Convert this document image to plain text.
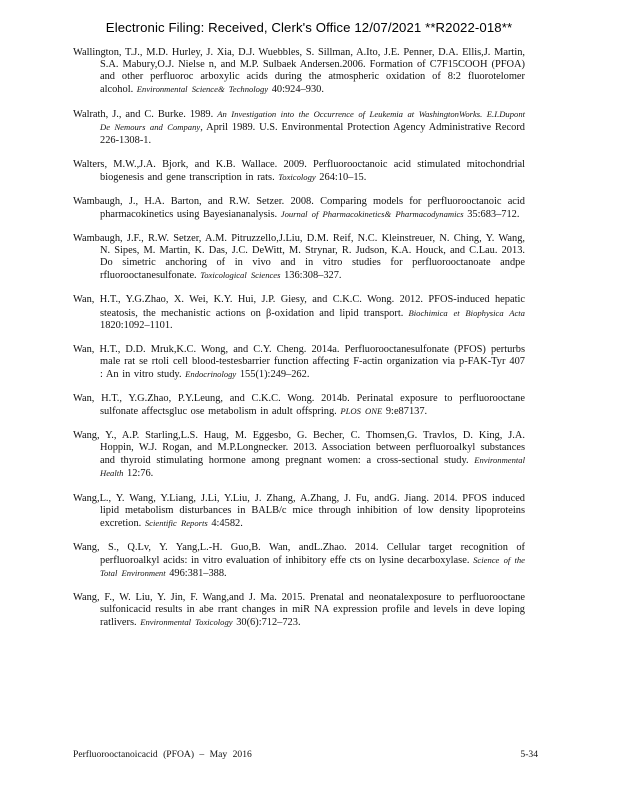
Electronic Filing: Received, Clerk's Office 12/07/2021 **R2022-018**
Wallington, T.J., M.D. Hurley, J. Xia, D.J. Wuebbles, S. Sillman, A.Ito, J.E. Penner, D.A. Ellis,J. Martin, S.A. Mabury,O.J. Nielse n, and M.P. Sulbaek Andersen.2006. Formation of C7F15COOH (PFOA) and other perfluoroc arboxylic acids during the atmospheric oxidation of 8:2 fluorotelomer alcohol. Environmental Science& Technology 40:924–930.
Walrath, J., and C. Burke. 1989. An Investigation into the Occurrence of Leukemia at WashingtonWorks. E.I.Dupont De Nemours and Company, April 1989. U.S. Environmental Protection Agency Administrative Record 226-1308-1.
Walters, M.W.,J.A. Bjork, and K.B. Wallace. 2009. Perfluorooctanoic acid stimulated mitochondrial biogenesis and gene transcription in rats. Toxicology 264:10–15.
Wambaugh, J., H.A. Barton, and R.W. Setzer. 2008. Comparing models for perfluorooctanoic acid pharmacokinetics using Bayesiananalysis. Journal of Pharmacokinetics& Pharmacodynamics 35:683–712.
Wambaugh, J.F., R.W. Setzer, A.M. Pitruzzello,J.Liu, D.M. Reif, N.C. Kleinstreuer, N. Ching, Y. Wang, N. Sipes, M. Martin, K. Das, J.C. DeWitt, M. Strynar, R. Judson, K.A. Houck, and C.Lau. 2013. Do simetric anchoring of in vivo and in vitro studies for perfluorooctanoate andpe rfluorooctanesulfonate. Toxicological Sciences 136:308–327.
Wan, H.T., Y.G.Zhao, X. Wei, K.Y. Hui, J.P. Giesy, and C.K.C. Wong. 2012. PFOS-induced hepatic steatosis, the mechanistic actions on β-oxidation and lipid transport. Biochimica et Biophysica Acta 1820:1092–1101.
Wan, H.T., D.D. Mruk,K.C. Wong, and C.Y. Cheng. 2014a. Perfluorooctanesulfonate (PFOS) perturbs male rat se rtoli cell blood-testesbarrier function affecting F-actin organization via p-FAK-Tyr 407 : An in vitro study. Endocrinology 155(1):249–262.
Wan, H.T., Y.G.Zhao, P.Y.Leung, and C.K.C. Wong. 2014b. Perinatal exposure to perfluorooctane sulfonate affectsgluc ose metabolism in adult offspring. PLOS ONE 9:e87137.
Wang, Y., A.P. Starling,L.S. Haug, M. Eggesbo, G. Becher, C. Thomsen,G. Travlos, D. King, J.A. Hoppin, W.J. Rogan, and M.P.Longnecker. 2013. Association between perfluoroalkyl substances and thyroid stimulating hormone among pregnant women: a cross-sectional study. Environmental Health 12:76.
Wang,L., Y. Wang, Y.Liang, J.Li, Y.Liu, J. Zhang, A.Zhang, J. Fu, andG. Jiang. 2014. PFOS induced lipid metabolism disturbances in BALB/c mice through inhibition of low density lipoproteins excretion. Scientific Reports 4:4582.
Wang, S., Q.Lv, Y. Yang,L.-H. Guo,B. Wan, andL.Zhao. 2014. Cellular target recognition of perfluoroalkyl acids: in vitro evaluation of inhibitory effe cts on lysine decarboxylase. Science of the Total Environment 496:381–388.
Wang, F., W. Liu, Y. Jin, F. Wang,and J. Ma. 2015. Prenatal and neonatalexposure to perfluorooctane sulfonicacid results in abe rrant changes in miR NA expression profile and levels in deve loping ratlivers. Environmental Toxicology 30(6):712–723.
Perfluorooctanoicacid (PFOA) – May 2016	5-34
